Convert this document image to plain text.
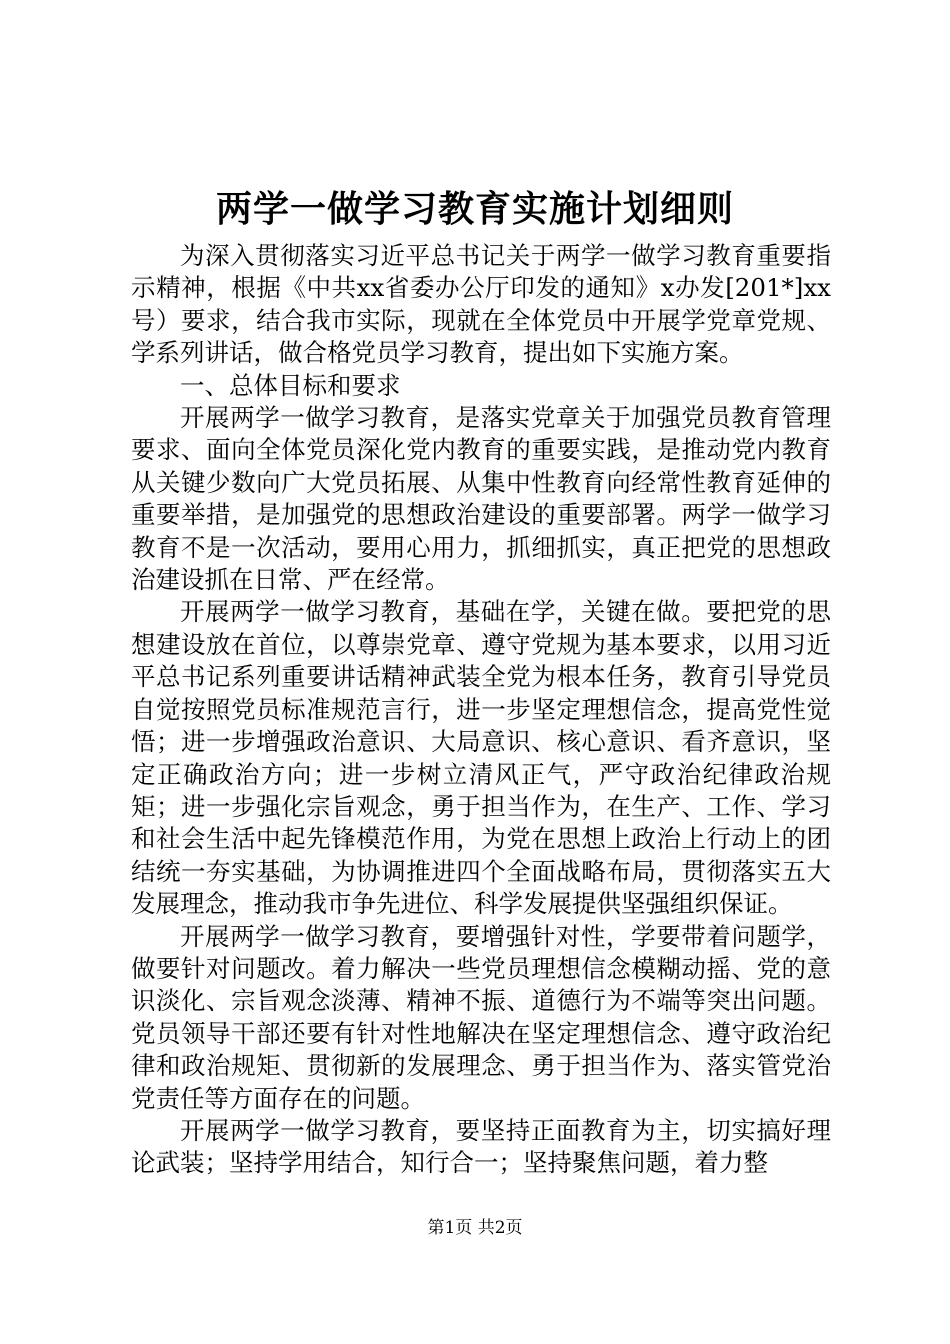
两学一做学习教育实施计划细则

为深入贯彻落实习近平总书记关于两学一做学习教育重要指示精神，根据《中共xx省委办公厅印发的通知》x办发[201*]xx号）要求，结合我市实际，现就在全体党员中开展学党章党规、学系列讲话，做合格党员学习教育，提出如下实施方案。

一、总体目标和要求

开展两学一做学习教育，是落实党章关于加强党员教育管理要求、面向全体党员深化党内教育的重要实践，是推动党内教育从关键少数向广大党员拓展、从集中性教育向经常性教育延伸的重要举措，是加强党的思想政治建设的重要部署。两学一做学习教育不是一次活动，要用心用力，抓细抓实，真正把党的思想政治建设抓在日常、严在经常。

开展两学一做学习教育，基础在学，关键在做。要把党的思想建设放在首位，以尊崇党章、遵守党规为基本要求，以用习近平总书记系列重要讲话精神武装全党为根本任务，教育引导党员自觉按照党员标准规范言行，进一步坚定理想信念，提高党性觉悟；进一步增强政治意识、大局意识、核心意识、看齐意识，坚定正确政治方向；进一步树立清风正气，严守政治纪律政治规矩；进一步强化宗旨观念，勇于担当作为，在生产、工作、学习和社会生活中起先锋模范作用，为党在思想上政治上行动上的团结统一夯实基础，为协调推进四个全面战略布局，贯彻落实五大发展理念，推动我市争先进位、科学发展提供坚强组织保证。

开展两学一做学习教育，要增强针对性，学要带着问题学，做要针对问题改。着力解决一些党员理想信念模糊动摇、党的意识淡化、宗旨观念淡薄、精神不振、道德行为不端等突出问题。党员领导干部还要有针对性地解决在坚定理想信念、遵守政治纪律和政治规矩、贯彻新的发展理念、勇于担当作为、落实管党治党责任等方面存在的问题。

开展两学一做学习教育，要坚持正面教育为主，切实搞好理论武装；坚持学用结合，知行合一；坚持聚焦问题，着力整

第1页 共2页
